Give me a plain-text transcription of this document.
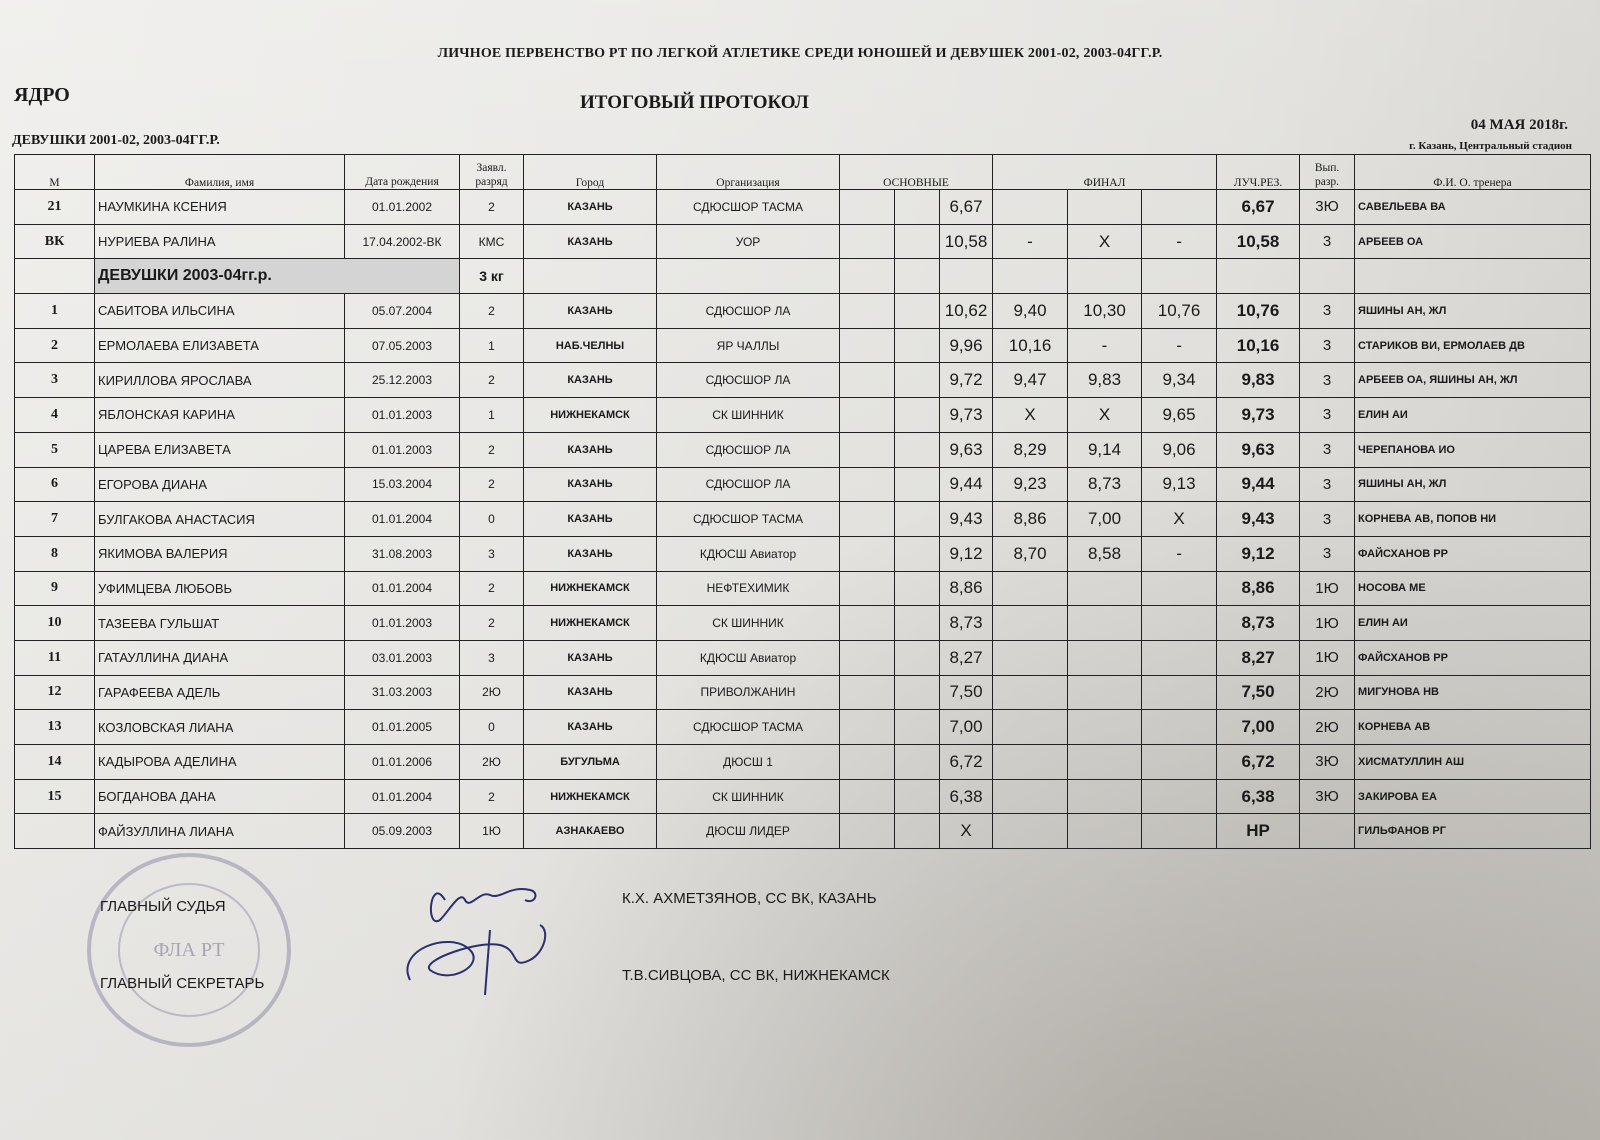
ЛИЧНОЕ ПЕРВЕНСТВО РТ ПО ЛЕГКОЙ АТЛЕТИКЕ СРЕДИ ЮНОШЕЙ И ДЕВУШЕК 2001-02, 2003-04ГГ.Р.
ЯДРО	ИТОГОВЫЙ ПРОТОКОЛ
04 МАЯ 2018г.
ДЕВУШКИ 2001-02, 2003-04ГГ.Р.	г. Казань, Центральный стадион
М	Фамилия, имя	Дата рождения	Заявл. разряд	Город	Организация	ОСНОВНЫЕ			ФИНАЛ			ЛУЧ.РЕЗ.	Вып. разр.	Ф.И. О. тренера
21	НАУМКИНА КСЕНИЯ	01.01.2002	2	КАЗАНЬ	СДЮСШОР ТАСМА			6,67				6,67	3Ю	САВЕЛЬЕВА ВА
ВК	НУРИЕВА РАЛИНА	17.04.2002-ВК	КМС	КАЗАНЬ	УОР			10,58	-	X	-	10,58	3	АРБЕЕВ ОА
	ДЕВУШКИ 2003-04гг.р.		3 кг											
1	САБИТОВА ИЛЬСИНА	05.07.2004	2	КАЗАНЬ	СДЮСШОР ЛА			10,62	9,40	10,30	10,76	10,76	3	ЯШИНЫ АН, ЖЛ
2	ЕРМОЛАЕВА ЕЛИЗАВЕТА	07.05.2003	1	НАБ.ЧЕЛНЫ	ЯР ЧАЛЛЫ			9,96	10,16	-	-	10,16	3	СТАРИКОВ ВИ, ЕРМОЛАЕВ ДВ
3	КИРИЛЛОВА ЯРОСЛАВА	25.12.2003	2	КАЗАНЬ	СДЮСШОР ЛА			9,72	9,47	9,83	9,34	9,83	3	АРБЕЕВ ОА, ЯШИНЫ АН, ЖЛ
4	ЯБЛОНСКАЯ КАРИНА	01.01.2003	1	НИЖНЕКАМСК	СК ШИННИК			9,73	X	X	9,65	9,73	3	ЕЛИН АИ
5	ЦАРЕВА ЕЛИЗАВЕТА	01.01.2003	2	КАЗАНЬ	СДЮСШОР ЛА			9,63	8,29	9,14	9,06	9,63	3	ЧЕРЕПАНОВА ИО
6	ЕГОРОВА ДИАНА	15.03.2004	2	КАЗАНЬ	СДЮСШОР ЛА			9,44	9,23	8,73	9,13	9,44	3	ЯШИНЫ АН, ЖЛ
7	БУЛГАКОВА АНАСТАСИЯ	01.01.2004	0	КАЗАНЬ	СДЮСШОР ТАСМА			9,43	8,86	7,00	X	9,43	3	КОРНЕВА АВ, ПОПОВ НИ
8	ЯКИМОВА ВАЛЕРИЯ	31.08.2003	3	КАЗАНЬ	КДЮСШ Авиатор			9,12	8,70	8,58	-	9,12	3	ФАЙСХАНОВ РР
9	УФИМЦЕВА ЛЮБОВЬ	01.01.2004	2	НИЖНЕКАМСК	НЕФТЕХИМИК			8,86				8,86	1Ю	НОСОВА МЕ
10	ТАЗЕЕВА ГУЛЬШАТ	01.01.2003	2	НИЖНЕКАМСК	СК ШИННИК			8,73				8,73	1Ю	ЕЛИН АИ
11	ГАТАУЛЛИНА ДИАНА	03.01.2003	3	КАЗАНЬ	КДЮСШ Авиатор			8,27				8,27	1Ю	ФАЙСХАНОВ РР
12	ГАРАФЕЕВА АДЕЛЬ	31.03.2003	2Ю	КАЗАНЬ	ПРИВОЛЖАНИН			7,50				7,50	2Ю	МИГУНОВА НВ
13	КОЗЛОВСКАЯ ЛИАНА	01.01.2005	0	КАЗАНЬ	СДЮСШОР ТАСМА			7,00				7,00	2Ю	КОРНЕВА АВ
14	КАДЫРОВА АДЕЛИНА	01.01.2006	2Ю	БУГУЛЬМА	ДЮСШ 1			6,72				6,72	3Ю	ХИСМАТУЛЛИН АШ
15	БОГДАНОВА ДАНА	01.01.2004	2	НИЖНЕКАМСК	СК ШИННИК			6,38				6,38	3Ю	ЗАКИРОВА ЕА
	ФАЙЗУЛЛИНА ЛИАНА	05.09.2003	1Ю	АЗНАКАЕВО	ДЮСШ ЛИДЕР			X				НР		ГИЛЬФАНОВ РГ
ФЛА РТ
ГЛАВНЫЙ СУДЬЯ	К.Х. АХМЕТЗЯНОВ, СС ВК, КАЗАНЬ
ГЛАВНЫЙ СЕКРЕТАРЬ	Т.В.СИВЦОВА, СС ВК, НИЖНЕКАМСК
